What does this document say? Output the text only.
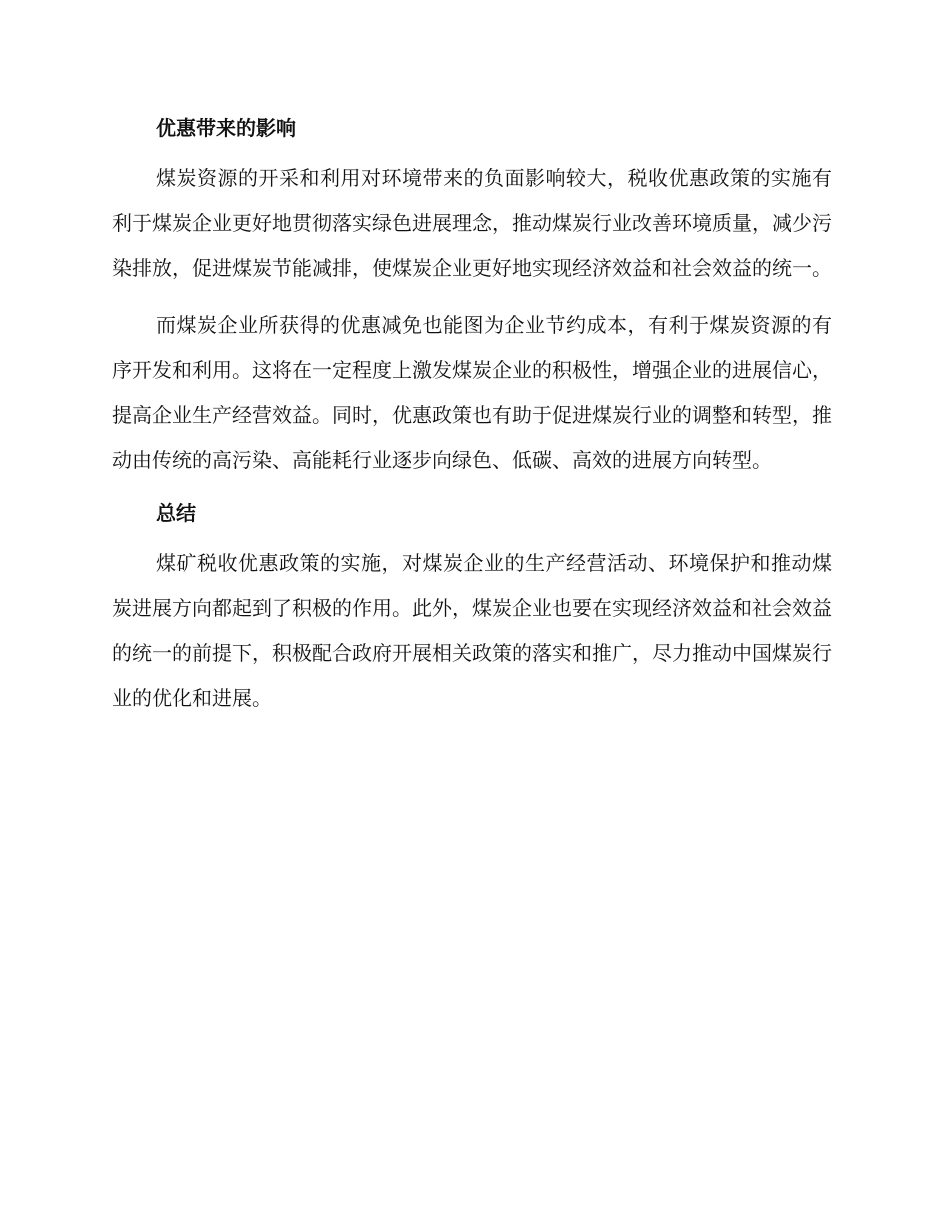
优惠带来的影响

煤炭资源的开采和利用对环境带来的负面影响较大，税收优惠政策的实施有利于煤炭企业更好地贯彻落实绿色进展理念，推动煤炭行业改善环境质量，减少污染排放，促进煤炭节能减排，使煤炭企业更好地实现经济效益和社会效益的统一。

而煤炭企业所获得的优惠减免也能图为企业节约成本，有利于煤炭资源的有序开发和利用。这将在一定程度上激发煤炭企业的积极性，增强企业的进展信心，提高企业生产经营效益。同时，优惠政策也有助于促进煤炭行业的调整和转型，推动由传统的高污染、高能耗行业逐步向绿色、低碳、高效的进展方向转型。

总结

煤矿税收优惠政策的实施，对煤炭企业的生产经营活动、环境保护和推动煤炭进展方向都起到了积极的作用。此外，煤炭企业也要在实现经济效益和社会效益的统一的前提下，积极配合政府开展相关政策的落实和推广，尽力推动中国煤炭行业的优化和进展。
